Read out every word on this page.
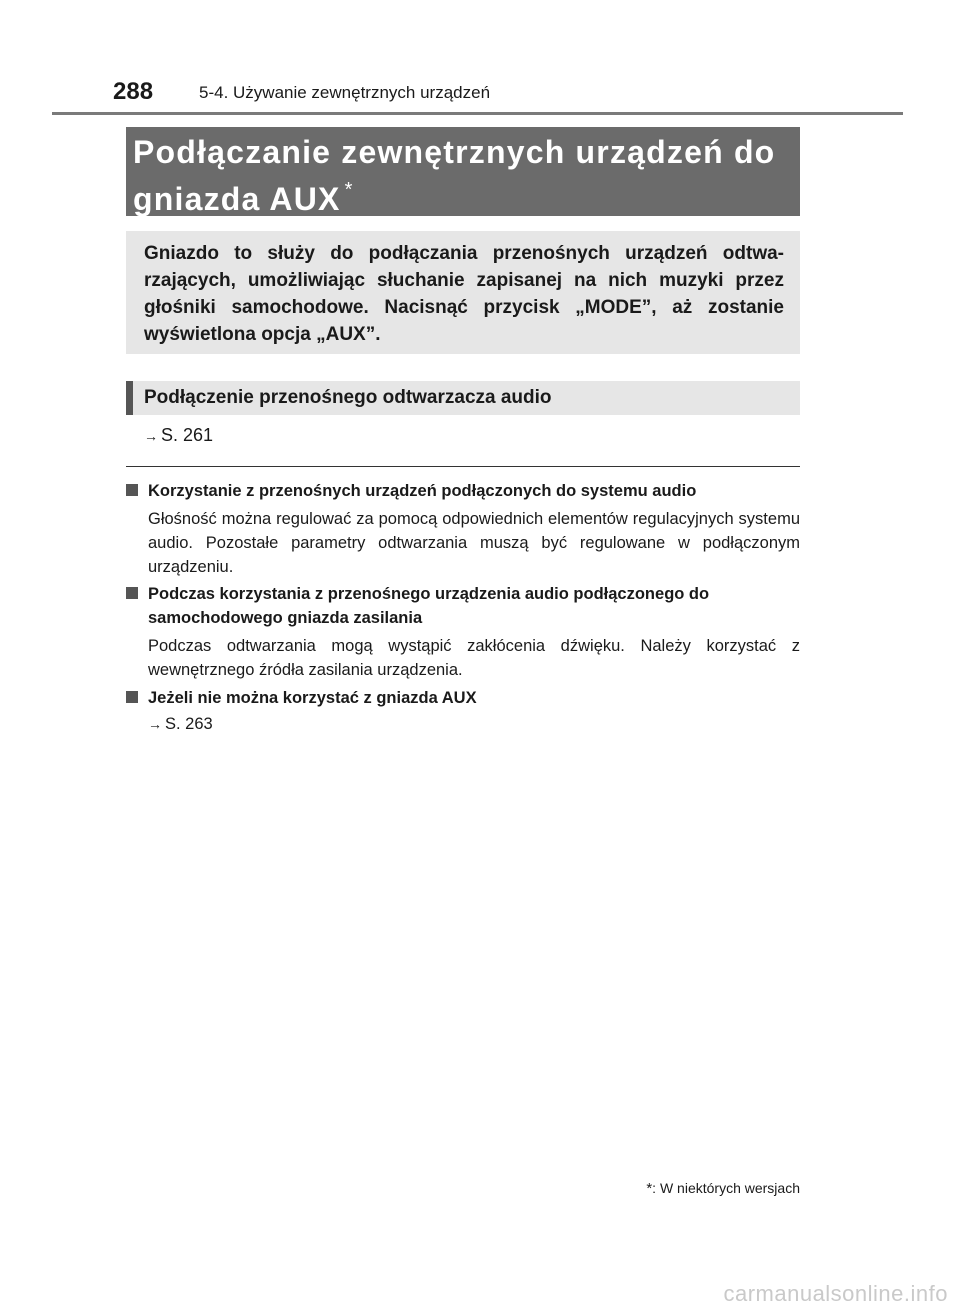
288	5-4. Używanie zewnętrznych urządzeń
Podłączanie zewnętrznych urządzeń do gniazda AUX *
Gniazdo to służy do podłączania przenośnych urządzeń odtwa-rzających, umożliwiając słuchanie zapisanej na nich muzyki przez głośniki samochodowe. Nacisnąć przycisk „MODE”, aż zostanie wyświetlona opcja „AUX”.
Podłączenie przenośnego odtwarzacza audio
→ S. 261
Korzystanie z przenośnych urządzeń podłączonych do systemu audio
Głośność można regulować za pomocą odpowiednich elementów regulacyjnych systemu audio. Pozostałe parametry odtwarzania muszą być regulowane w podłączonym urządzeniu.
Podczas korzystania z przenośnego urządzenia audio podłączonego do samochodowego gniazda zasilania
Podczas odtwarzania mogą wystąpić zakłócenia dźwięku. Należy korzystać z wewnętrznego źródła zasilania urządzenia.
Jeżeli nie można korzystać z gniazda AUX
→ S. 263
*: W niektórych wersjach
carmanualsonline.info
